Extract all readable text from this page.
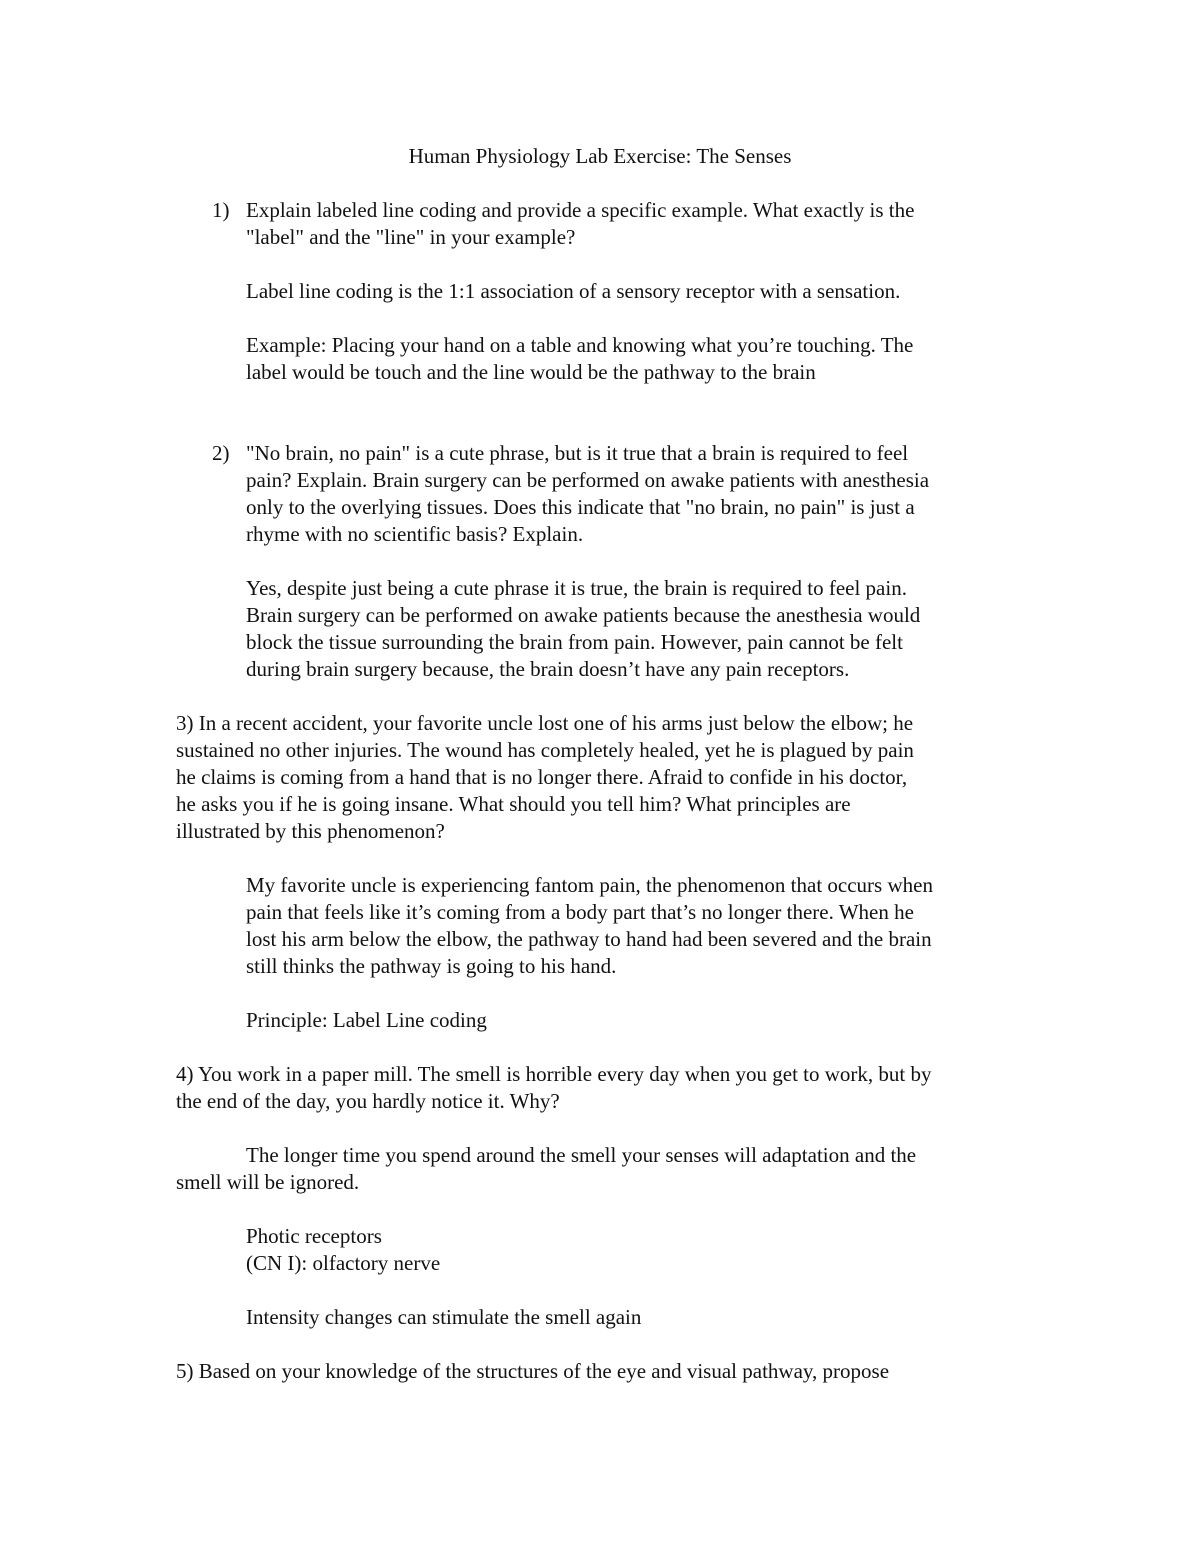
Human Physiology Lab Exercise: The Senses

1) Explain labeled line coding and provide a specific example. What exactly is the

"label" and the "line" in your example?

Label line coding is the 1:1 association of a sensory receptor with a sensation.

Example: Placing your hand on a table and knowing what you’re touching. The

label would be touch and the line would be the pathway to the brain

2) "No brain, no pain" is a cute phrase, but is it true that a brain is required to feel

pain? Explain. Brain surgery can be performed on awake patients with anesthesia

only to the overlying tissues. Does this indicate that "no brain, no pain" is just a

rhyme with no scientific basis? Explain.

Yes, despite just being a cute phrase it is true, the brain is required to feel pain.

Brain surgery can be performed on awake patients because the anesthesia would

block the tissue surrounding the brain from pain. However, pain cannot be felt

during brain surgery because, the brain doesn’t have any pain receptors.

3) In a recent accident, your favorite uncle lost one of his arms just below the elbow; he

sustained no other injuries. The wound has completely healed, yet he is plagued by pain

he claims is coming from a hand that is no longer there. Afraid to confide in his doctor,

he asks you if he is going insane. What should you tell him? What principles are

illustrated by this phenomenon?

My favorite uncle is experiencing fantom pain, the phenomenon that occurs when

pain that feels like it’s coming from a body part that’s no longer there. When he

lost his arm below the elbow, the pathway to hand had been severed and the brain

still thinks the pathway is going to his hand.

Principle: Label Line coding

4) You work in a paper mill. The smell is horrible every day when you get to work, but by

the end of the day, you hardly notice it. Why?

The longer time you spend around the smell your senses will adaptation and the

smell will be ignored.

Photic receptors

(CN I): olfactory nerve

Intensity changes can stimulate the smell again

5) Based on your knowledge of the structures of the eye and visual pathway, propose
